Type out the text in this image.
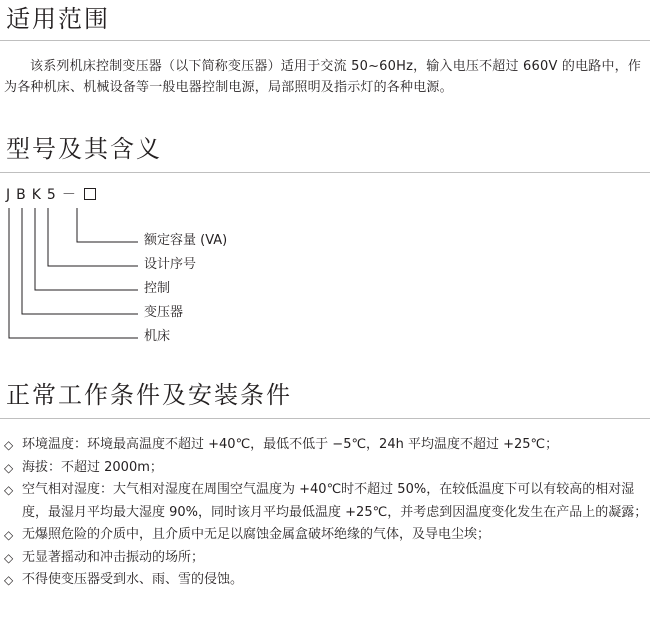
适用范围

该系列机床控制变压器（以下简称变压器）适用于交流 50~60Hz，输入电压不超过 660V 的电路中，作为各种机床、机械设备等一般电器控制电源，局部照明及指示灯的各种电源。

型号及其含义
JBK5－
额定容量 (VA)
设计序号
控制
变压器
机床
正常工作条件及安装条件
◇ 环境温度：环境最高温度不超过 +40℃，最低不低于 −5℃，24h 平均温度不超过 +25℃；
◇ 海拔：不超过 2000m；
◇ 空气相对湿度：大气相对湿度在周围空气温度为 +40℃时不超过 50%，在较低温度下可以有较高的相对湿度，最湿月平均最大湿度 90%，同时该月平均最低温度 +25℃，并考虑到因温度变化发生在产品上的凝露；
◇ 无爆照危险的介质中，且介质中无足以腐蚀金属盒破坏绝缘的气体，及导电尘埃；
◇ 无显著摇动和冲击振动的场所；
◇ 不得使变压器受到水、雨、雪的侵蚀。
